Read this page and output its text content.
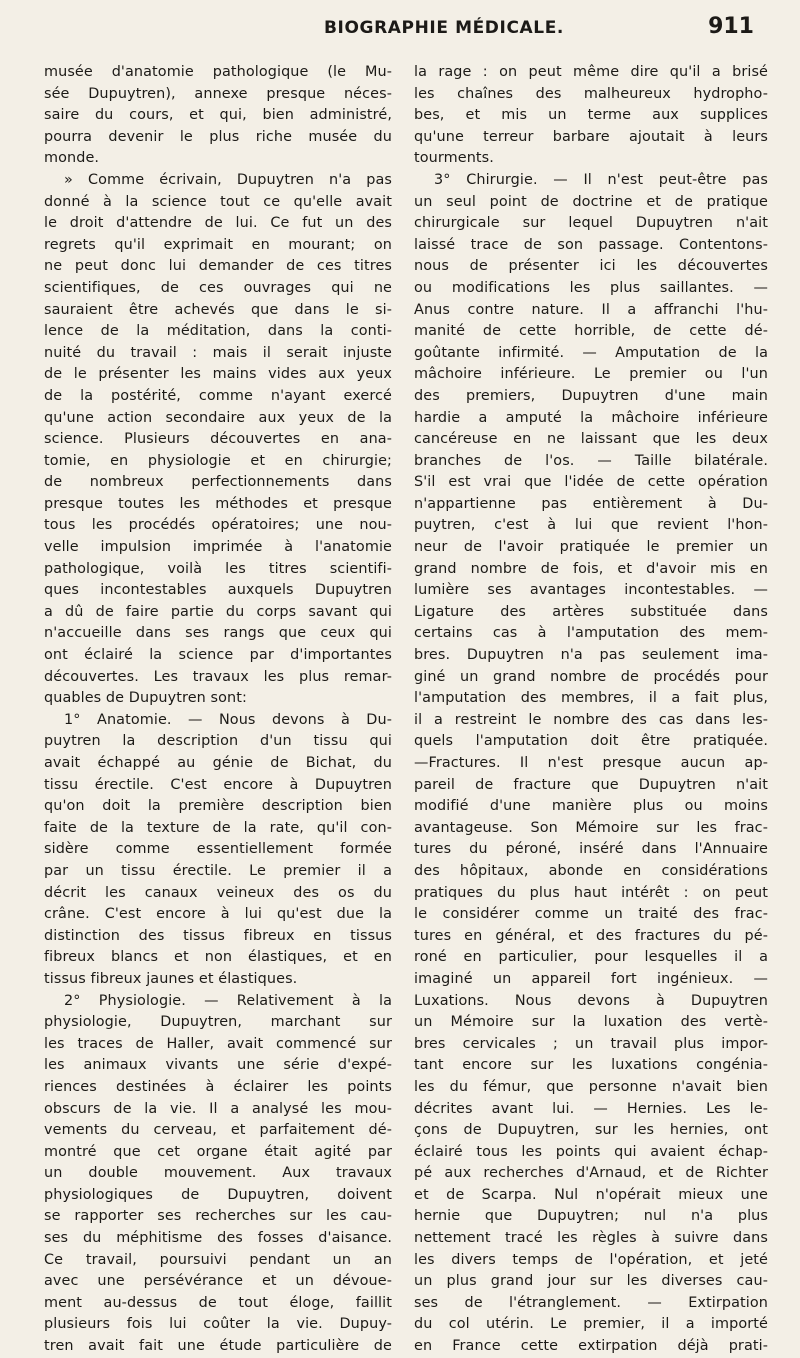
BIOGRAPHIE MÉDICALE.	911
musée d'anatomie pathologique (le Mu-
sée Dupuytren), annexe presque néces-
saire du cours, et qui, bien administré,
pourra devenir le plus riche musée du
monde.
» Comme écrivain, Dupuytren n'a pas
donné à la science tout ce qu'elle avait
le droit d'attendre de lui. Ce fut un des
regrets qu'il exprimait en mourant; on
ne peut donc lui demander de ces titres
scientifiques, de ces ouvrages qui ne
sauraient être achevés que dans le si-
lence de la méditation, dans la conti-
nuité du travail : mais il serait injuste
de le présenter les mains vides aux yeux
de la postérité, comme n'ayant exercé
qu'une action secondaire aux yeux de la
science. Plusieurs découvertes en ana-
tomie, en physiologie et en chirurgie;
de nombreux perfectionnements dans
presque toutes les méthodes et presque
tous les procédés opératoires; une nou-
velle impulsion imprimée à l'anatomie
pathologique, voilà les titres scientifi-
ques incontestables auxquels Dupuytren
a dû de faire partie du corps savant qui
n'accueille dans ses rangs que ceux qui
ont éclairé la science par d'importantes
découvertes. Les travaux les plus remar-
quables de Dupuytren sont:
1° Anatomie. — Nous devons à Du-
puytren la description d'un tissu qui
avait échappé au génie de Bichat, du
tissu érectile. C'est encore à Dupuytren
qu'on doit la première description bien
faite de la texture de la rate, qu'il con-
sidère comme essentiellement formée
par un tissu érectile. Le premier il a
décrit les canaux veineux des os du
crâne. C'est encore à lui qu'est due la
distinction des tissus fibreux en tissus
fibreux blancs et non élastiques, et en
tissus fibreux jaunes et élastiques.
2° Physiologie. — Relativement à la
physiologie, Dupuytren, marchant sur
les traces de Haller, avait commencé sur
les animaux vivants une série d'expé-
riences destinées à éclairer les points
obscurs de la vie. Il a analysé les mou-
vements du cerveau, et parfaitement dé-
montré que cet organe était agité par
un double mouvement. Aux travaux
physiologiques de Dupuytren, doivent
se rapporter ses recherches sur les cau-
ses du méphitisme des fosses d'aisance.
Ce travail, poursuivi pendant un an
avec une persévérance et un dévoue-
ment au-dessus de tout éloge, faillit
plusieurs fois lui coûter la vie. Dupuy-
tren avait fait une étude particulière de
la rage : on peut même dire qu'il a brisé
les chaînes des malheureux hydropho-
bes, et mis un terme aux supplices
qu'une terreur barbare ajoutait à leurs
tourments.
3° Chirurgie. — Il n'est peut-être pas
un seul point de doctrine et de pratique
chirurgicale sur lequel Dupuytren n'ait
laissé trace de son passage. Contentons-
nous de présenter ici les découvertes
ou modifications les plus saillantes. —
Anus contre nature. Il a affranchi l'hu-
manité de cette horrible, de cette dé-
goûtante infirmité. — Amputation de la
mâchoire inférieure. Le premier ou l'un
des premiers, Dupuytren d'une main
hardie a amputé la mâchoire inférieure
cancéreuse en ne laissant que les deux
branches de l'os. — Taille bilatérale.
S'il est vrai que l'idée de cette opération
n'appartienne pas entièrement à Du-
puytren, c'est à lui que revient l'hon-
neur de l'avoir pratiquée le premier un
grand nombre de fois, et d'avoir mis en
lumière ses avantages incontestables. —
Ligature des artères substituée dans
certains cas à l'amputation des mem-
bres. Dupuytren n'a pas seulement ima-
giné un grand nombre de procédés pour
l'amputation des membres, il a fait plus,
il a restreint le nombre des cas dans les-
quels l'amputation doit être pratiquée.
—Fractures. Il n'est presque aucun ap-
pareil de fracture que Dupuytren n'ait
modifié d'une manière plus ou moins
avantageuse. Son Mémoire sur les frac-
tures du péroné, inséré dans l'Annuaire
des hôpitaux, abonde en considérations
pratiques du plus haut intérêt : on peut
le considérer comme un traité des frac-
tures en général, et des fractures du pé-
roné en particulier, pour lesquelles il a
imaginé un appareil fort ingénieux. —
Luxations. Nous devons à Dupuytren
un Mémoire sur la luxation des vertè-
bres cervicales ; un travail plus impor-
tant encore sur les luxations congénia-
les du fémur, que personne n'avait bien
décrites avant lui. — Hernies. Les le-
çons de Dupuytren, sur les hernies, ont
éclairé tous les points qui avaient échap-
pé aux recherches d'Arnaud, et de Richter
et de Scarpa. Nul n'opérait mieux une
hernie que Dupuytren; nul n'a plus
nettement tracé les règles à suivre dans
les divers temps de l'opération, et jeté
un plus grand jour sur les diverses cau-
ses de l'étranglement. — Extirpation
du col utérin. Le premier, il a importé
en France cette extirpation déjà prati-
